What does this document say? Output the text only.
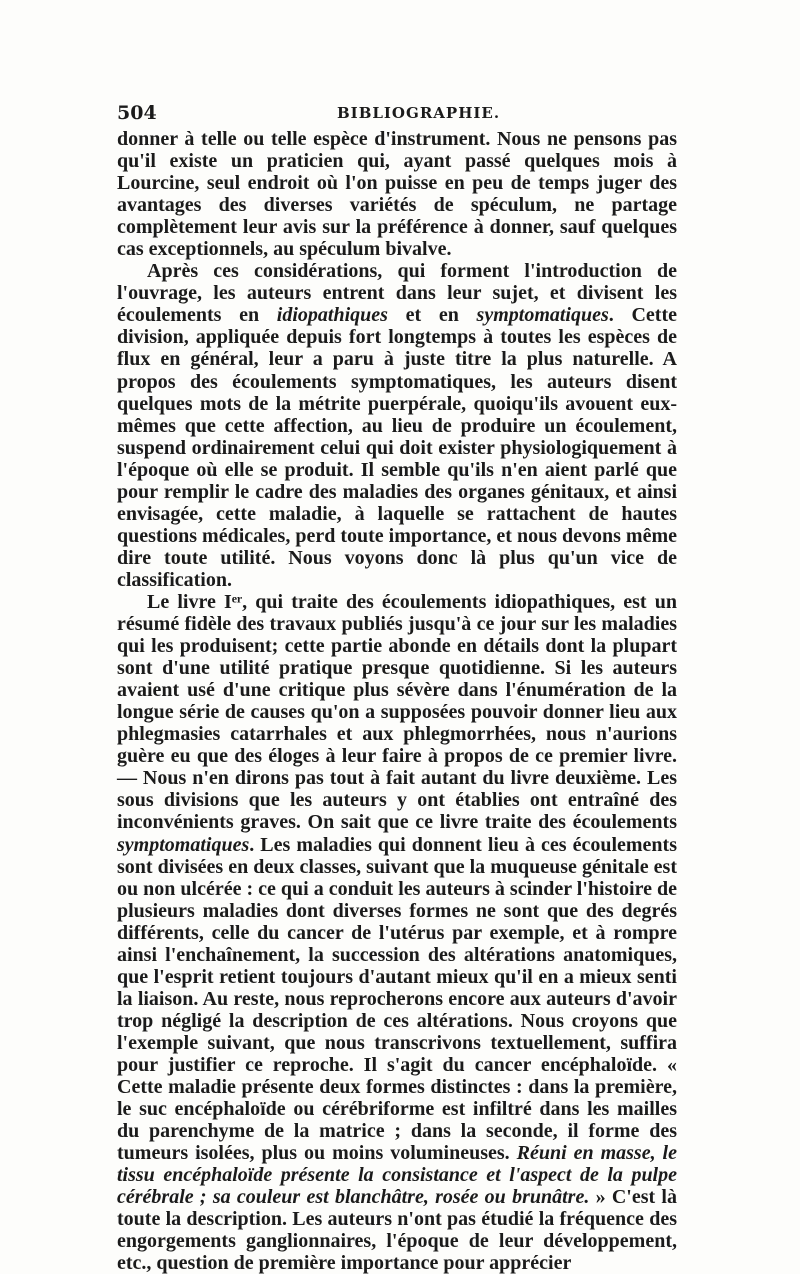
504	BIBLIOGRAPHIE.

donner à telle ou telle espèce d'instrument. Nous ne pensons pas qu'il existe un praticien qui, ayant passé quelques mois à Lourcine, seul endroit où l'on puisse en peu de temps juger des avantages des diverses variétés de spéculum, ne partage complètement leur avis sur la préférence à donner, sauf quelques cas exceptionnels, au spéculum bivalve.

Après ces considérations, qui forment l'introduction de l'ouvrage, les auteurs entrent dans leur sujet, et divisent les écoulements en idiopathiques et en symptomatiques. Cette division, appliquée depuis fort longtemps à toutes les espèces de flux en général, leur a paru à juste titre la plus naturelle. A propos des écoulements symptomatiques, les auteurs disent quelques mots de la métrite puerpérale, quoiqu'ils avouent eux-mêmes que cette affection, au lieu de produire un écoulement, suspend ordinairement celui qui doit exister physiologiquement à l'époque où elle se produit. Il semble qu'ils n'en aient parlé que pour remplir le cadre des maladies des organes génitaux, et ainsi envisagée, cette maladie, à laquelle se rattachent de hautes questions médicales, perd toute importance, et nous devons même dire toute utilité. Nous voyons donc là plus qu'un vice de classification.

Le livre Iᵉʳ, qui traite des écoulements idiopathiques, est un résumé fidèle des travaux publiés jusqu'à ce jour sur les maladies qui les produisent; cette partie abonde en détails dont la plupart sont d'une utilité pratique presque quotidienne. Si les auteurs avaient usé d'une critique plus sévère dans l'énumération de la longue série de causes qu'on a supposées pouvoir donner lieu aux phlegmasies catarrhales et aux phlegmorrhées, nous n'aurions guère eu que des éloges à leur faire à propos de ce premier livre. — Nous n'en dirons pas tout à fait autant du livre deuxième. Les sous divisions que les auteurs y ont établies ont entraîné des inconvénients graves. On sait que ce livre traite des écoulements symptomatiques. Les maladies qui donnent lieu à ces écoulements sont divisées en deux classes, suivant que la muqueuse génitale est ou non ulcérée : ce qui a conduit les auteurs à scinder l'histoire de plusieurs maladies dont diverses formes ne sont que des degrés différents, celle du cancer de l'utérus par exemple, et à rompre ainsi l'enchaînement, la succession des altérations anatomiques, que l'esprit retient toujours d'autant mieux qu'il en a mieux senti la liaison. Au reste, nous reprocherons encore aux auteurs d'avoir trop négligé la description de ces altérations. Nous croyons que l'exemple suivant, que nous transcrivons textuellement, suffira pour justifier ce reproche. Il s'agit du cancer encéphaloïde. « Cette maladie présente deux formes distinctes : dans la première, le suc encéphaloïde ou cérébriforme est infiltré dans les mailles du parenchyme de la matrice ; dans la seconde, il forme des tumeurs isolées, plus ou moins volumineuses. Réuni en masse, le tissu encéphaloïde présente la consistance et l'aspect de la pulpe cérébrale ; sa couleur est blanchâtre, rosée ou brunâtre. » C'est là toute la description. Les auteurs n'ont pas étudié la fréquence des engorgements ganglionnaires, l'époque de leur développement, etc., question de première importance pour apprécier
